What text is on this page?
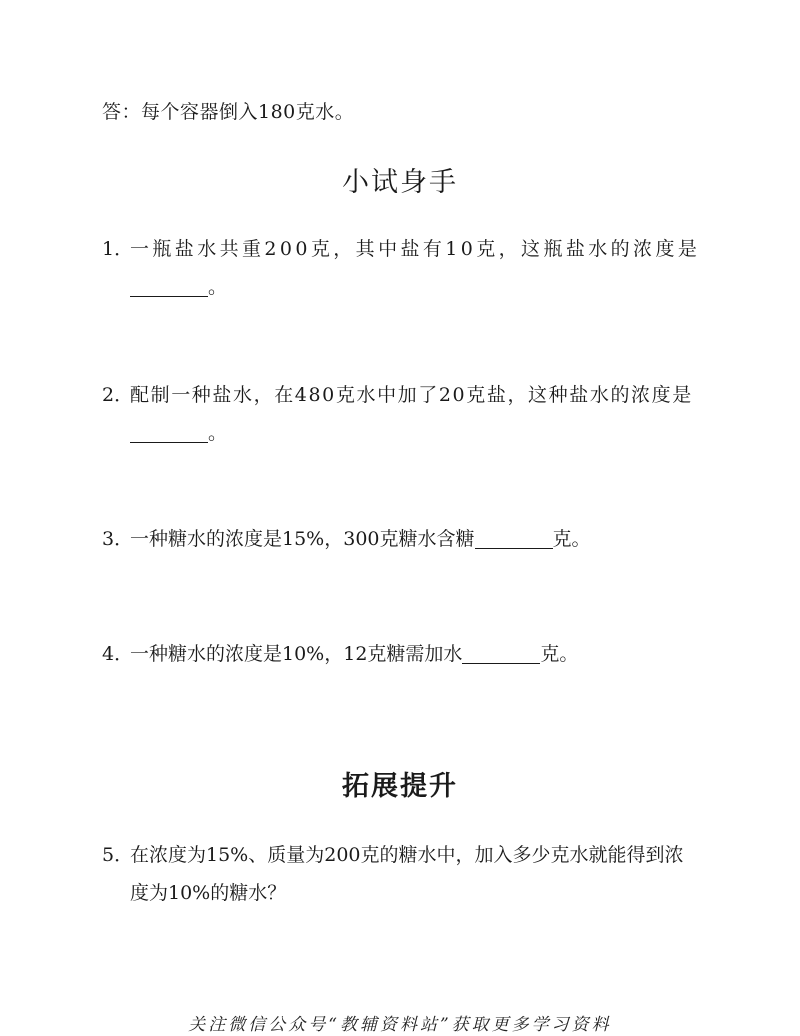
答：每个容器倒入180克水。
小试身手
1．一瓶盐水共重200克，其中盐有10克，这瓶盐水的浓度是
。
2．配制一种盐水，在480克水中加了20克盐，这种盐水的浓度是
。
3．一种糖水的浓度是15%，300克糖水含糖	克。
4．一种糖水的浓度是10%，12克糖需加水	克。
拓展提升
5．在浓度为15%、质量为200克的糖水中，加入多少克水就能得到浓
度为10%的糖水？
关注微信公众号“教辅资料站”获取更多学习资料
